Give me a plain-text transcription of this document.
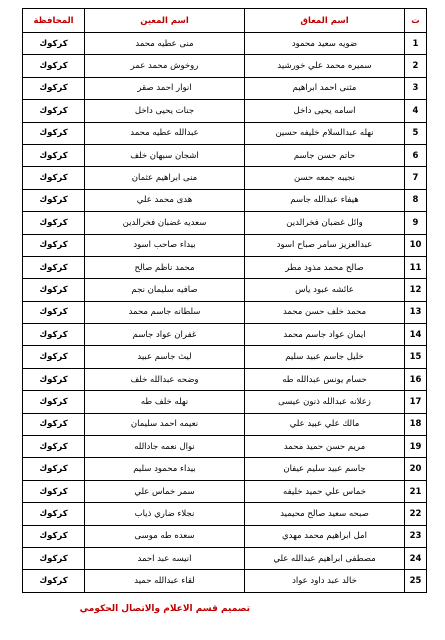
ت	اسم المعاق	اسم المعين	المحافظة
1	ضويه سعيد محمود	منى عطيه محمد	كركوك
2	سميره محمد علي خورشيد	روخوش محمد عمر	كركوك
3	مثنى احمد ابراهيم	انوار احمد صقر	كركوك
4	اسامه يحيى داخل	جنات يحيى داخل	كركوك
5	نهله عبدالسلام خليفه حسين	عبدالله عطيه محمد	كركوك
6	حاتم حسن جاسم	اشجان سبهان خلف	كركوك
7	نجيبه جمعه حسن	منى ابراهيم عثمان	كركوك
8	هيفاء عبدالله جاسم	هدى محمد علي	كركوك
9	وائل غضبان فخرالدين	سعديه غضبان فخرالدين	كركوك
10	عبدالعزيز سامر صباح اسود	بيداء صاحب اسود	كركوك
11	صالح محمد مذود مطر	محمد ناظم صالح	كركوك
12	عائشه عبود ياس	صافيه سليمان نجم	كركوك
13	محمد خلف حسن محمد	سلطانه جاسم محمد	كركوك
14	ايمان عواد جاسم محمد	غفران عواد جاسم	كركوك
15	خليل جاسم عبيد سليم	ليث جاسم عبيد	كركوك
16	حسام يونس عبدالله طه	وضحه عبدالله خلف	كركوك
17	زعلانه عبدالله ذنون عيسى	نهله خلف طه	كركوك
18	مالك علي عبيد علي	نعيمه احمد سليمان	كركوك
19	مريم حسن حميد محمد	نوال نعمه جادالله	كركوك
20	جاسم عبيد سليم عيفان	بيداء محمود سليم	كركوك
21	خماس علي حميد خليفه	سمر خماس علي	كركوك
22	صبحه سعيد صالح محيميد	نجلاء ضاري ذياب	كركوك
23	امل ابراهيم محمد مهدي	سعده طه موسى	كركوك
24	مصطفى ابراهيم عبدالله علي	انيسه عبد احمد	كركوك
25	خالد عبد داود عواد	لقاء عبدالله حميد	كركوك
تصميم قسم الاعلام والاتصال الحكومي
